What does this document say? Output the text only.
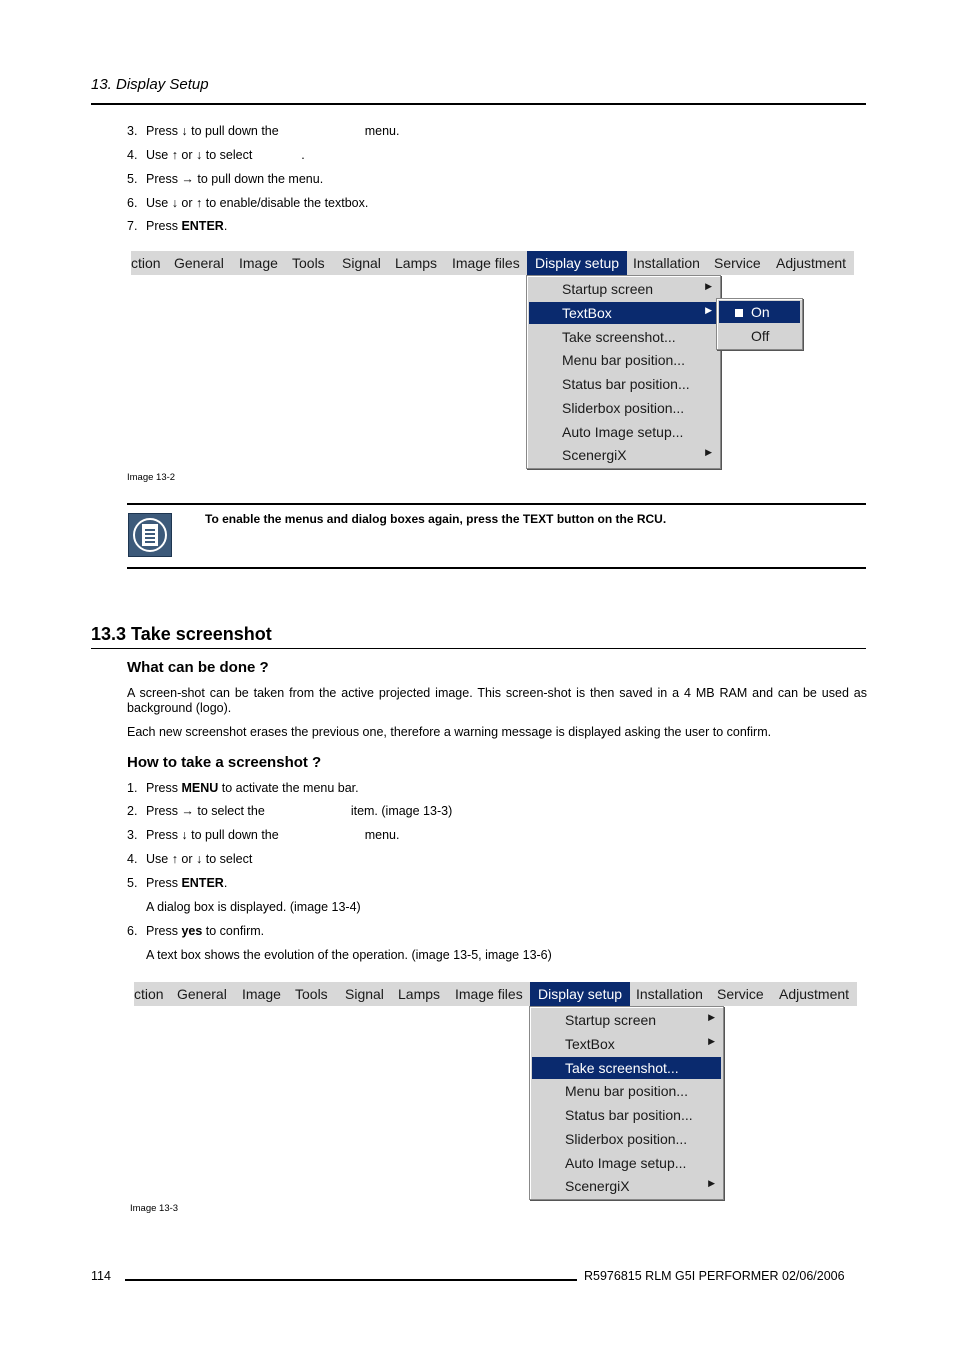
13. Display Setup
3. Press ↓ to pull down the	menu.
4. Use ↑ or ↓ to select	.
5. Press → to pull down the menu.
6. Use ↓ or ↑ to enable/disable the textbox.
7. Press ENTER.
ction General Image Tools Signal Lamps Image files	Display setup Installation Service Adjustment
Startup screen	▶
TextBox	▶
Take screenshot...
Menu bar position...
Status bar position...
Sliderbox position...
Auto Image setup...
ScenergiX	▶
On
Off
Image 13-2
To enable the menus and dialog boxes again, press the TEXT button on the RCU.
13.3 Take screenshot
What can be done ?
A screen-shot can be taken from the active projected image. This screen-shot is then saved in a 4 MB RAM and can be used as background (logo).
Each new screenshot erases the previous one, therefore a warning message is displayed asking the user to confirm.
How to take a screenshot ?
1. Press MENU to activate the menu bar.
2. Press → to select the	item. (image 13-3)
3. Press ↓ to pull down the	menu.
4. Use ↑ or ↓ to select
5. Press ENTER.
6. Press yes to confirm.
A dialog box is displayed. (image 13-4)
A text box shows the evolution of the operation. (image 13-5, image 13-6)
ction General Image Tools Signal Lamps Image files	Display setup Installation Service Adjustment
Startup screen	▶
TextBox	▶
Take screenshot...
Menu bar position...
Status bar position...
Sliderbox position...
Auto Image setup...
ScenergiX	▶
Image 13-3
114	R5976815 RLM G5I PERFORMER 02/06/2006
